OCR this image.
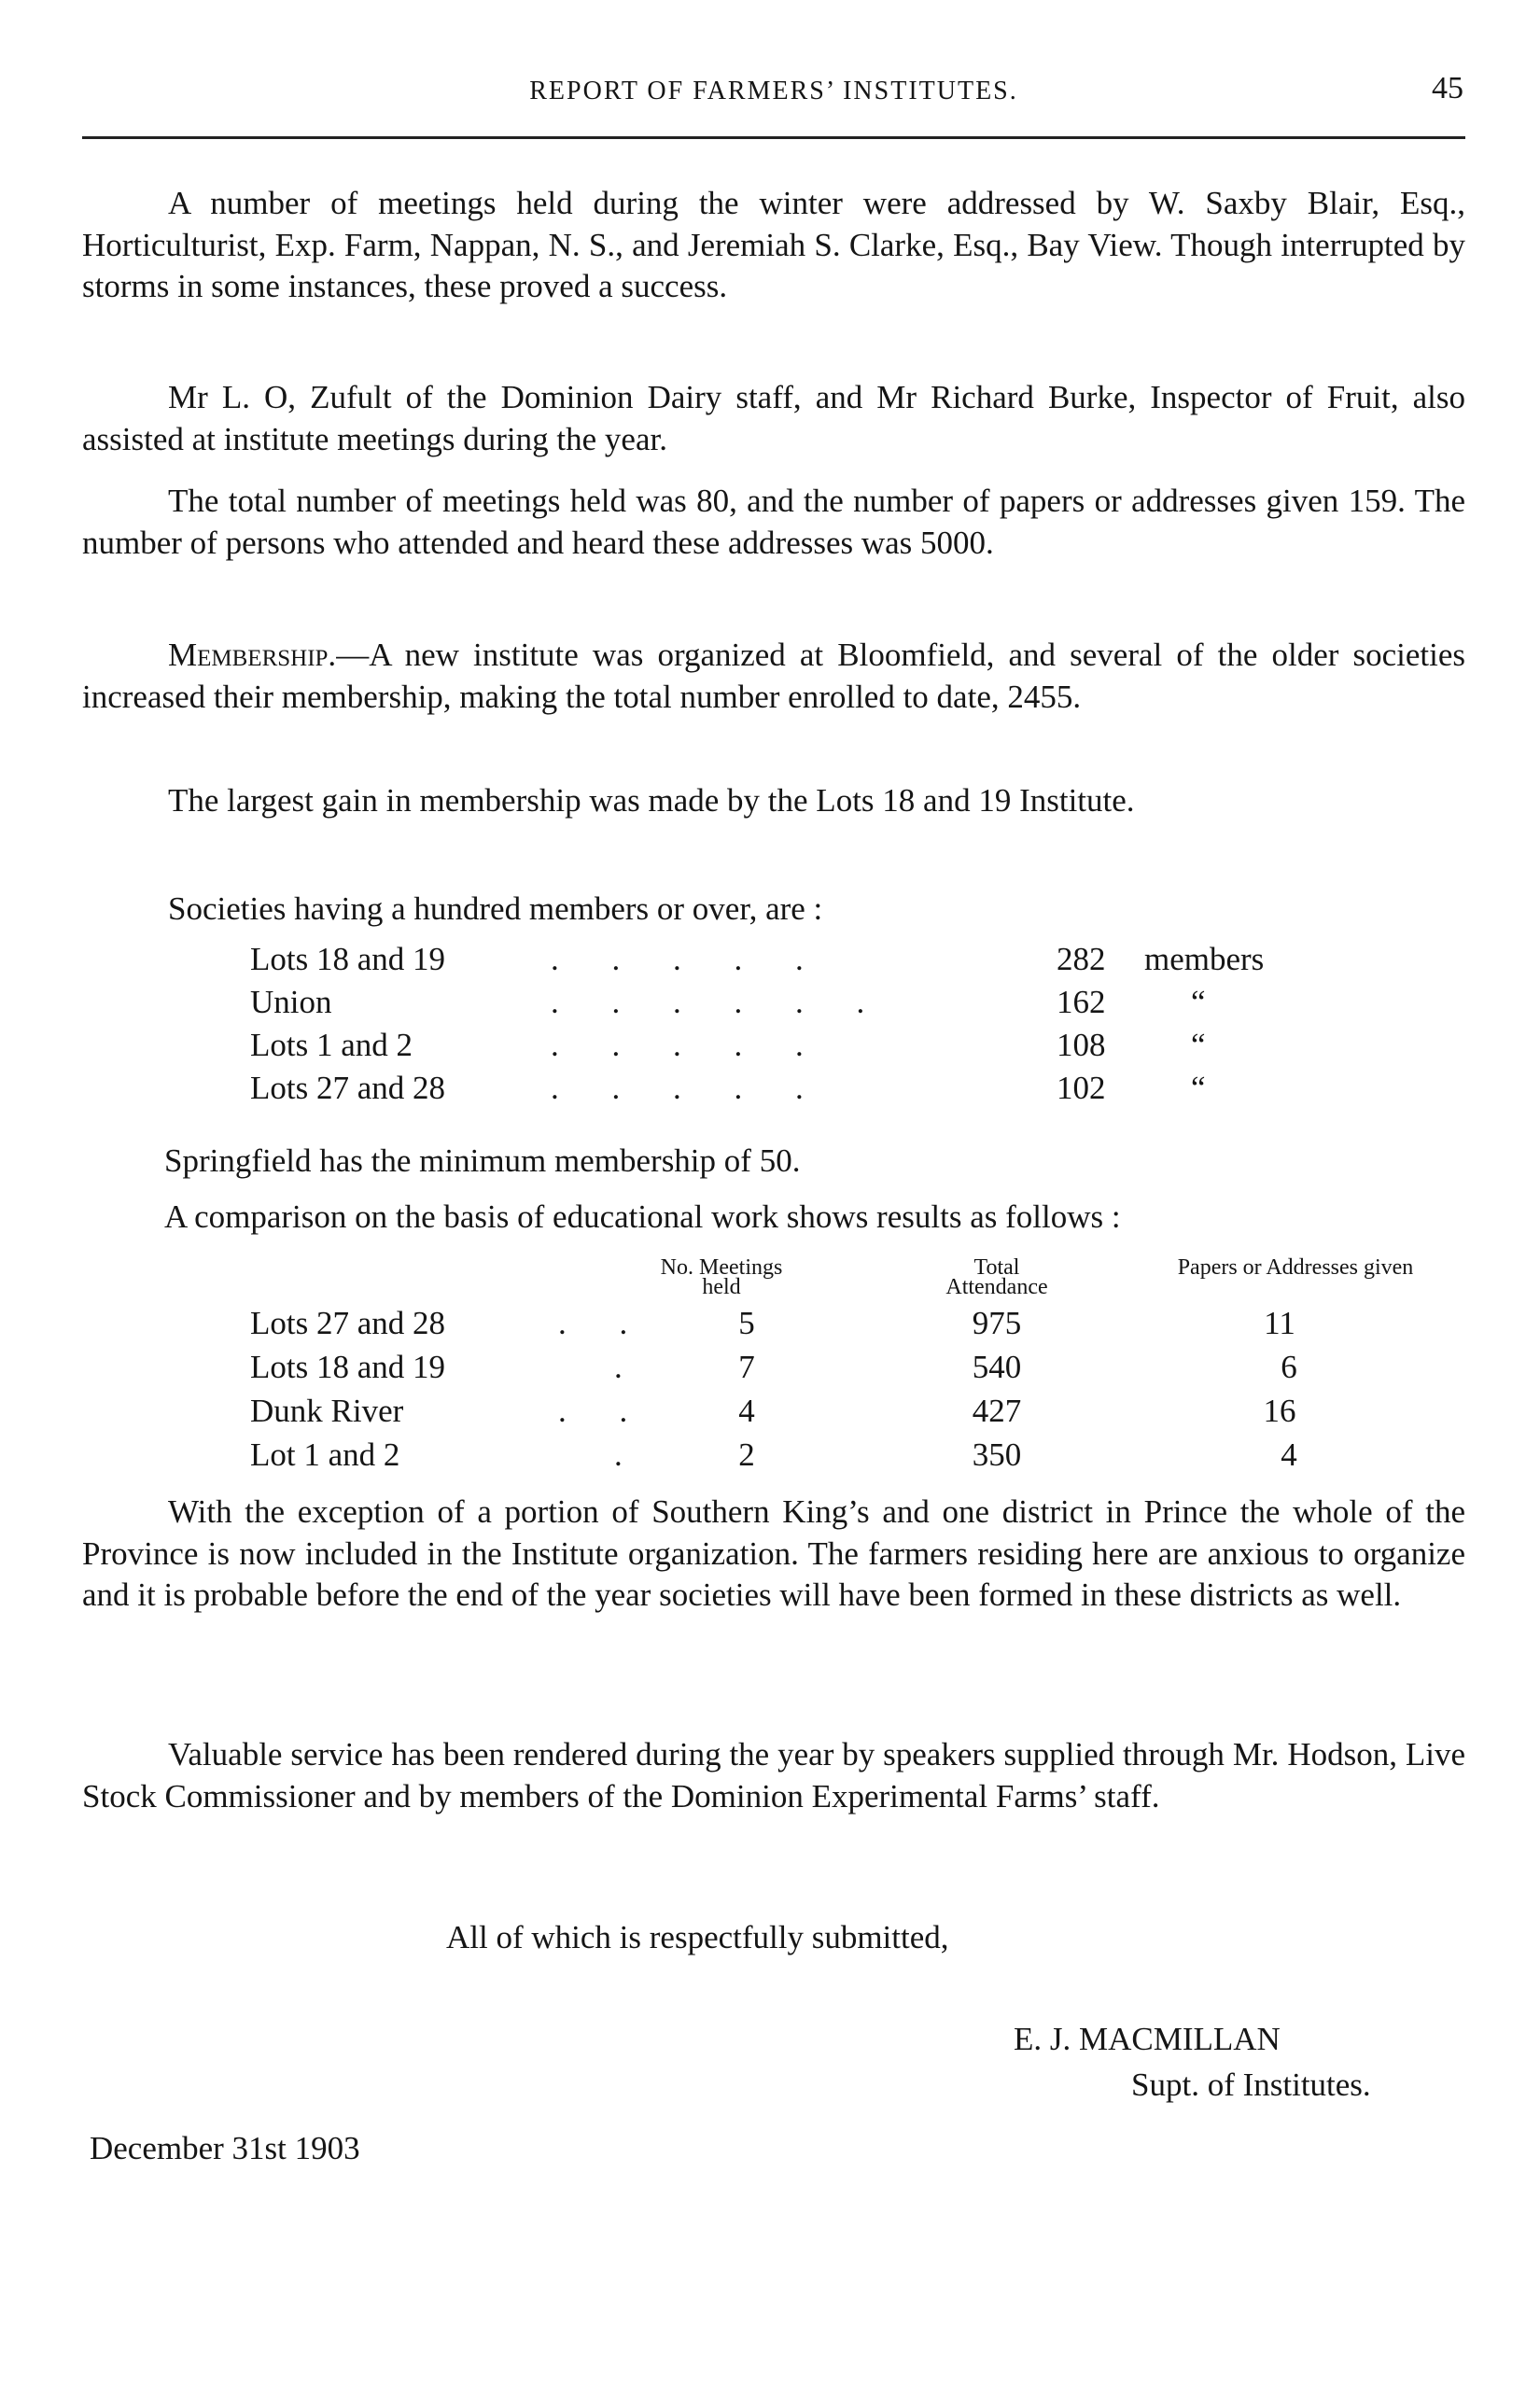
REPORT OF FARMERS’ INSTITUTES.	45

A number of meetings held during the winter were addressed by W. Saxby Blair, Esq., Horticulturist, Exp. Farm, Nappan, N. S., and Jeremiah S. Clarke, Esq., Bay View. Though interrupted by storms in some instances, these proved a success.

Mr L. O, Zufult of the Dominion Dairy staff, and Mr Richard Burke, Inspector of Fruit, also assisted at institute meetings during the year.

The total number of meetings held was 80, and the number of papers or addresses given 159. The number of persons who attended and heard these addresses was 5000.

Membership.—A new institute was organized at Bloomfield, and several of the older societies increased their membership, making the total number enrolled to date, 2455.

The largest gain in membership was made by the Lots 18 and 19 Institute.

Societies having a hundred members or over, are :

Lots 18 and 19	. . . . .	282 members
Union	. . . . . .	162	“
Lots 1 and 2	. . . . .	108	“
Lots 27 and 28	. . . . .	102	“

Springfield has the minimum membership of 50.

A comparison on the basis of educational work shows results as follows :

No. Meetings held
Total Attendance
Papers or Addresses given
Lots 27 and 28	. .	5	975	11
Lots 18 and 19	.	7	540	6
Dunk River	. .	4	427	16
Lot 1 and 2	.	2	350	4

With the exception of a portion of Southern King’s and one district in Prince the whole of the Province is now included in the Institute organization. The farmers residing here are anxious to organize and it is probable before the end of the year societies will have been formed in these districts as well.

Valuable service has been rendered during the year by speakers supplied through Mr. Hodson, Live Stock Commissioner and by members of the Dominion Experimental Farms’ staff.

All of which is respectfully submitted,
E. J. MACMILLAN
Supt. of Institutes.
December 31st 1903
